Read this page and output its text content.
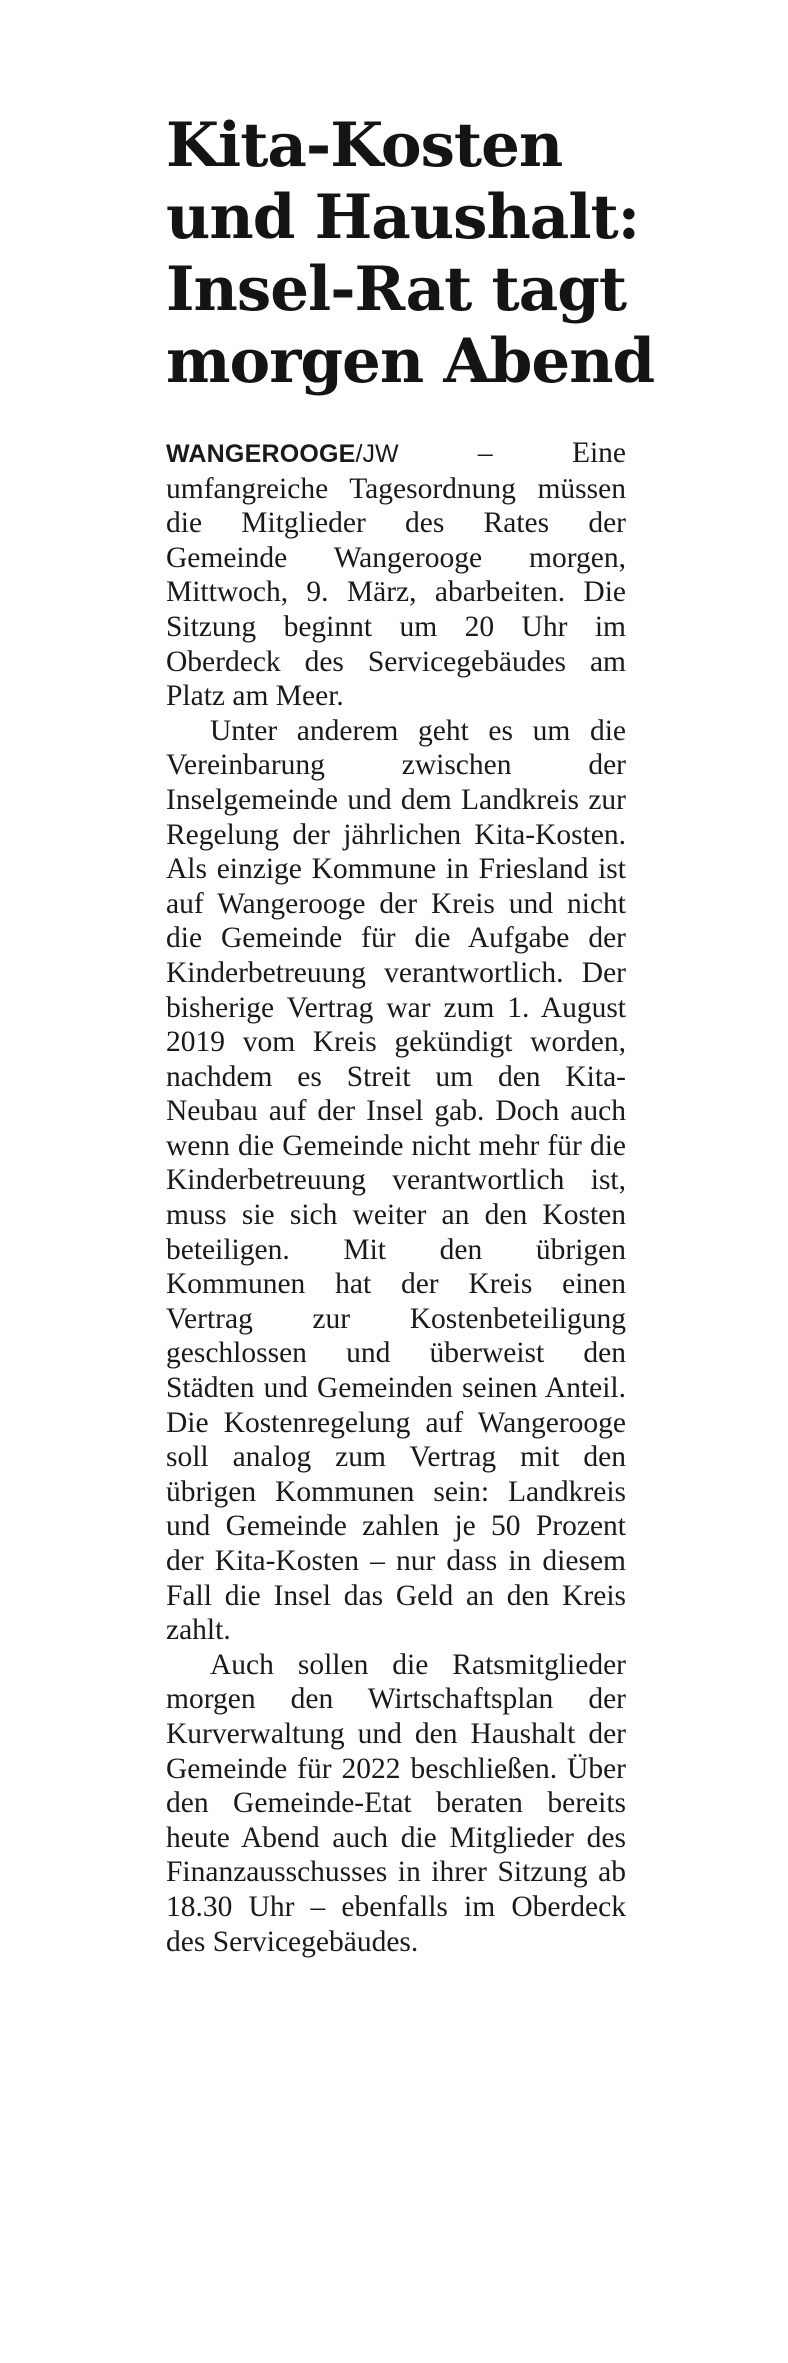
Kita-Kosten
und Haushalt:
Insel-Rat tagt
morgen Abend

WANGEROOGE/JW – Eine umfangreiche Tagesordnung müssen die Mitglieder des Rates der Gemeinde Wangerooge morgen, Mittwoch, 9. März, abarbeiten. Die Sitzung beginnt um 20 Uhr im Oberdeck des Servicegebäudes am Platz am Meer.

Unter anderem geht es um die Vereinbarung zwischen der Inselgemeinde und dem Landkreis zur Regelung der jährlichen Kita-Kosten. Als einzige Kommune in Friesland ist auf Wangerooge der Kreis und nicht die Gemeinde für die Aufgabe der Kinderbetreuung verantwortlich. Der bisherige Vertrag war zum 1. August 2019 vom Kreis gekündigt worden, nachdem es Streit um den Kita-Neubau auf der Insel gab. Doch auch wenn die Gemeinde nicht mehr für die Kinderbetreuung verantwortlich ist, muss sie sich weiter an den Kosten beteiligen. Mit den übrigen Kommunen hat der Kreis einen Vertrag zur Kostenbeteiligung geschlossen und überweist den Städten und Gemeinden seinen Anteil. Die Kostenregelung auf Wangerooge soll analog zum Vertrag mit den übrigen Kommunen sein: Landkreis und Gemeinde zahlen je 50 Prozent der Kita-Kosten – nur dass in diesem Fall die Insel das Geld an den Kreis zahlt.

Auch sollen die Ratsmitglieder morgen den Wirtschaftsplan der Kurverwaltung und den Haushalt der Gemeinde für 2022 beschließen. Über den Gemeinde-Etat beraten bereits heute Abend auch die Mitglieder des Finanzausschusses in ihrer Sitzung ab 18.30 Uhr – ebenfalls im Oberdeck des Servicegebäudes.
